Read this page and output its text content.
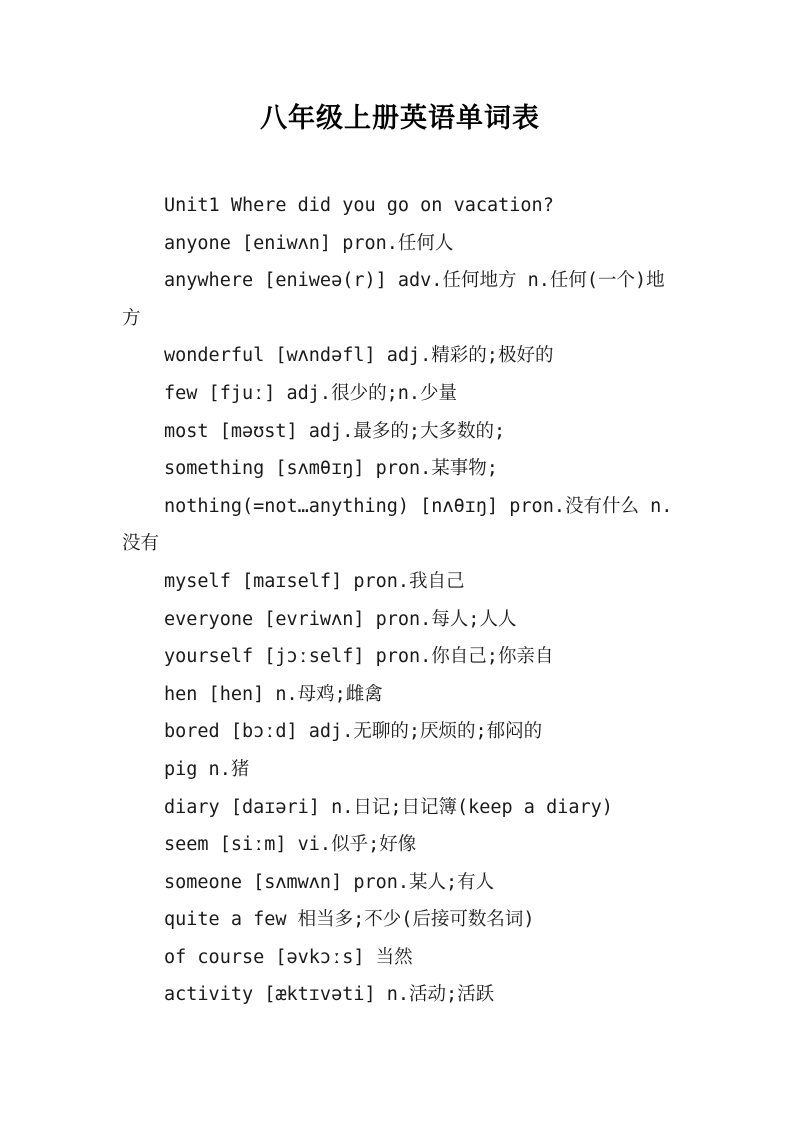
八年级上册英语单词表
Unit1 Where did you go on vacation?
anyone [eniwʌn] pron.任何人
anywhere [eniweə(r)] adv.任何地方 n.任何(一个)地
方
wonderful [wʌndəfl] adj.精彩的;极好的
few [fjuː] adj.很少的;n.少量
most [məʊst] adj.最多的;大多数的;
something [sʌmθɪŋ] pron.某事物;
nothing(=not…anything) [nʌθɪŋ] pron.没有什么 n.
没有
myself [maɪself] pron.我自己
everyone [evriwʌn] pron.每人;人人
yourself [jɔːself] pron.你自己;你亲自
hen [hen] n.母鸡;雌禽
bored [bɔːd] adj.无聊的;厌烦的;郁闷的
pig n.猪
diary [daɪəri] n.日记;日记簿(keep a diary)
seem [siːm] vi.似乎;好像
someone [sʌmwʌn] pron.某人;有人
quite a few 相当多;不少(后接可数名词)
of course [əvkɔːs] 当然
activity [æktɪvəti] n.活动;活跃
